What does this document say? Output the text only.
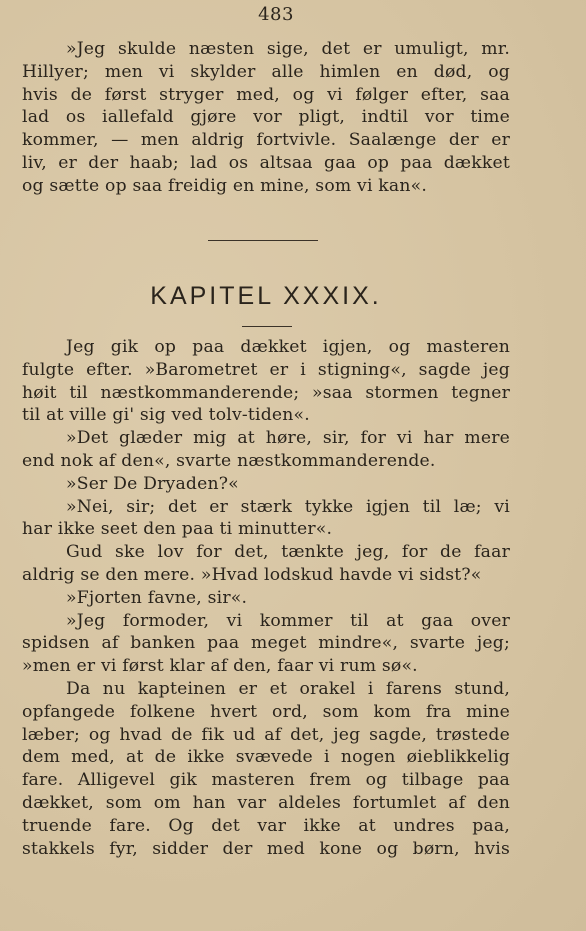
483
»Jeg skulde næsten sige, det er umuligt, mr.
Hillyer; men vi skylder alle himlen en død, og
hvis de først stryger med, og vi følger efter, saa
lad os iallefald gjøre vor pligt, indtil vor time
kommer, — men aldrig fortvivle. Saalænge der er
liv, er der haab; lad os altsaa gaa op paa dækket
og sætte op saa freidig en mine, som vi kan«.
KAPITEL XXXIX.
Jeg gik op paa dækket igjen, og masteren
fulgte efter. »Barometret er i stigning«, sagde jeg
høit til næstkommanderende; »saa stormen tegner
til at ville gi' sig ved tolv-tiden«.
»Det glæder mig at høre, sir, for vi har mere
end nok af den«, svarte næstkommanderende.
»Ser De Dryaden?«
»Nei, sir; det er stærk tykke igjen til læ; vi
har ikke seet den paa ti minutter«.
Gud ske lov for det, tænkte jeg, for de faar
aldrig se den mere. »Hvad lodskud havde vi sidst?«
»Fjorten favne, sir«.
»Jeg formoder, vi kommer til at gaa over
spidsen af banken paa meget mindre«, svarte jeg;
»men er vi først klar af den, faar vi rum sø«.
Da nu kapteinen er et orakel i farens stund,
opfangede folkene hvert ord, som kom fra mine
læber; og hvad de fik ud af det, jeg sagde, trøstede
dem med, at de ikke svævede i nogen øieblikkelig
fare. Alligevel gik masteren frem og tilbage paa
dækket, som om han var aldeles fortumlet af den
truende fare. Og det var ikke at undres paa,
stakkels fyr, sidder der med kone og børn, hvis
